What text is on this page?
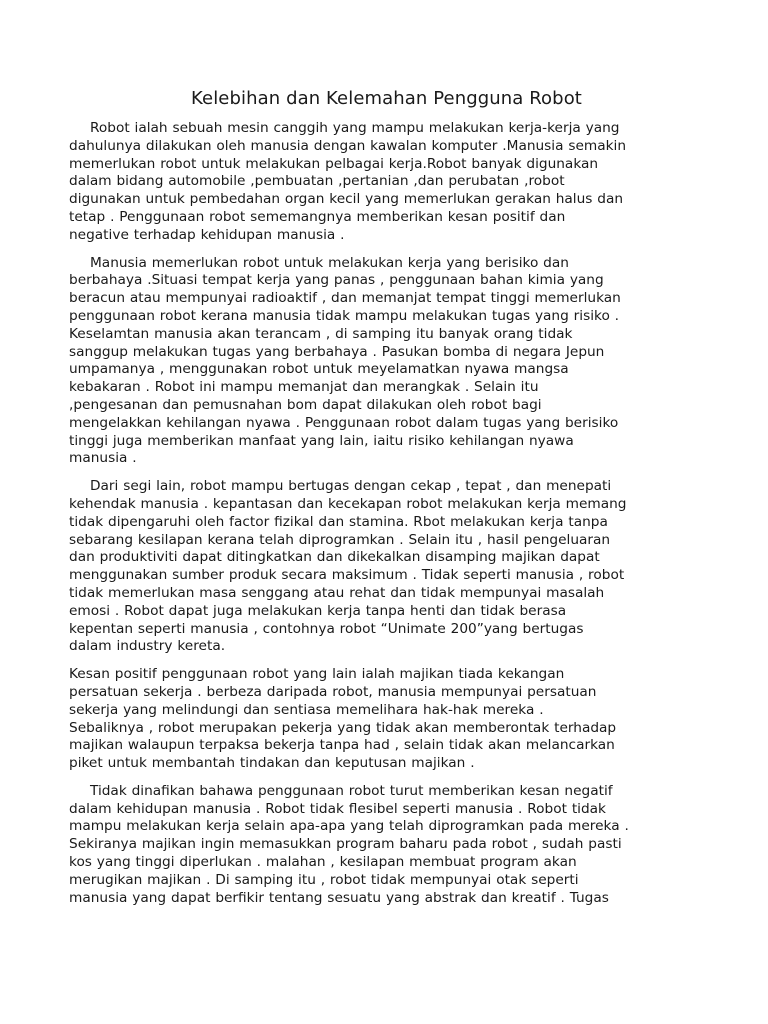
Kelebihan dan Kelemahan Pengguna Robot

Robot ialah sebuah mesin canggih yang mampu melakukan kerja-kerja yang
dahulunya dilakukan oleh manusia dengan kawalan komputer .Manusia semakin
memerlukan robot untuk melakukan pelbagai kerja.Robot banyak digunakan
dalam bidang automobile ,pembuatan ,pertanian ,dan perubatan ,robot
digunakan untuk pembedahan organ kecil yang memerlukan gerakan halus dan
tetap . Penggunaan robot sememangnya memberikan kesan positif dan
negative terhadap kehidupan manusia .

Manusia memerlukan robot untuk melakukan kerja yang berisiko dan
berbahaya .Situasi tempat kerja yang panas , penggunaan bahan kimia yang
beracun atau mempunyai radioaktif , dan memanjat tempat tinggi memerlukan
penggunaan robot kerana manusia tidak mampu melakukan tugas yang risiko .
Keselamtan manusia akan terancam , di samping itu banyak orang tidak
sanggup melakukan tugas yang berbahaya . Pasukan bomba di negara Jepun
umpamanya , menggunakan robot untuk meyelamatkan nyawa mangsa
kebakaran . Robot ini mampu memanjat dan merangkak . Selain itu
,pengesanan dan pemusnahan bom dapat dilakukan oleh robot bagi
mengelakkan kehilangan nyawa . Penggunaan robot dalam tugas yang berisiko
tinggi juga memberikan manfaat yang lain, iaitu risiko kehilangan nyawa
manusia .

Dari segi lain, robot mampu bertugas dengan cekap , tepat , dan menepati
kehendak manusia . kepantasan dan kecekapan robot melakukan kerja memang
tidak dipengaruhi oleh factor fizikal dan stamina. Rbot melakukan kerja tanpa
sebarang kesilapan kerana telah diprogramkan . Selain itu , hasil pengeluaran
dan produktiviti dapat ditingkatkan dan dikekalkan disamping majikan dapat
menggunakan sumber produk secara maksimum . Tidak seperti manusia , robot
tidak memerlukan masa senggang atau rehat dan tidak mempunyai masalah
emosi . Robot dapat juga melakukan kerja tanpa henti dan tidak berasa
kepentan seperti manusia , contohnya robot “Unimate 200”yang bertugas
dalam industry kereta.

Kesan positif penggunaan robot yang lain ialah majikan tiada kekangan
persatuan sekerja . berbeza daripada robot, manusia mempunyai persatuan
sekerja yang melindungi dan sentiasa memelihara hak-hak mereka .
Sebaliknya , robot merupakan pekerja yang tidak akan memberontak terhadap
majikan walaupun terpaksa bekerja tanpa had , selain tidak akan melancarkan
piket untuk membantah tindakan dan keputusan majikan .

Tidak dinafikan bahawa penggunaan robot turut memberikan kesan negatif
dalam kehidupan manusia . Robot tidak flesibel seperti manusia . Robot tidak
mampu melakukan kerja selain apa-apa yang telah diprogramkan pada mereka .
Sekiranya majikan ingin memasukkan program baharu pada robot , sudah pasti
kos yang tinggi diperlukan . malahan , kesilapan membuat program akan
merugikan majikan . Di samping itu , robot tidak mempunyai otak seperti
manusia yang dapat berfikir tentang sesuatu yang abstrak dan kreatif . Tugas
